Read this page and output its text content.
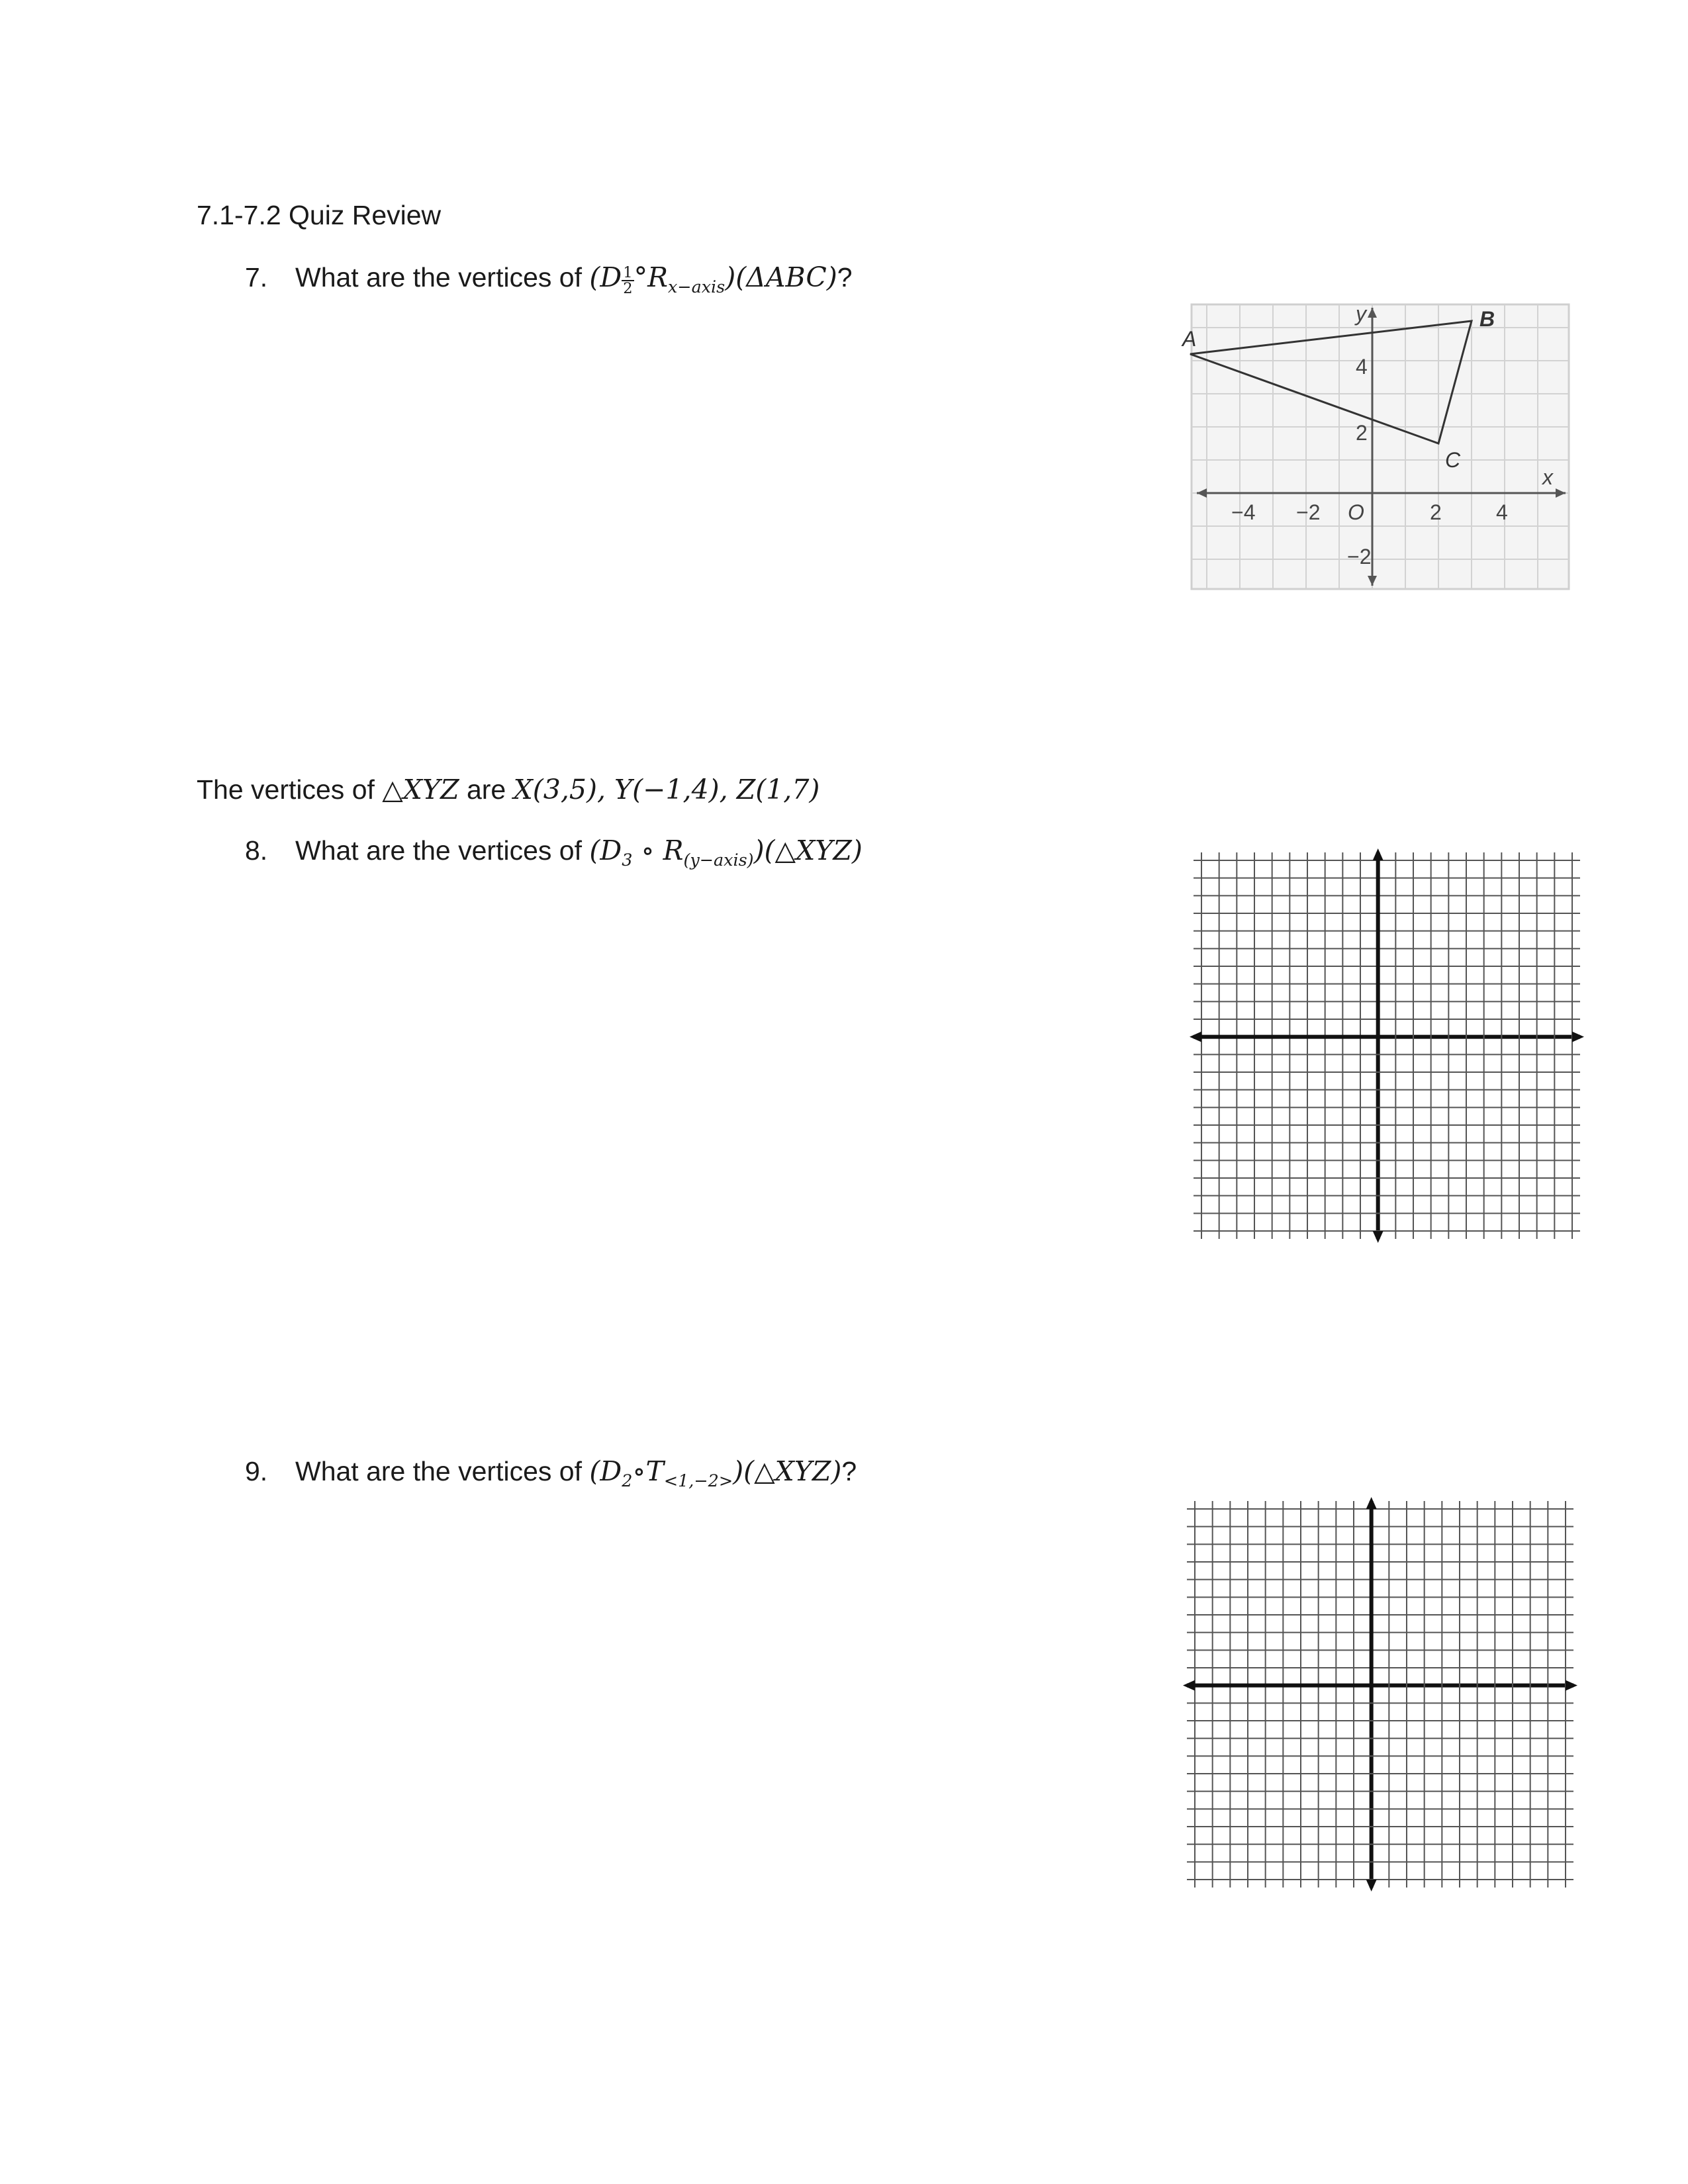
7.1-7.2 Quiz Review
7. What are the vertices of $(D \frac{1}{2} ^\circ R_{x-axis})(\Delta ABC)$?
A
B
C
−4 −2 O	2	4
4
2
−2
y
x
The vertices of △XYZ are X(3,5), Y(−1,4), Z(1,7)
8. What are the vertices of ($D_3$ ∘ $R_{(y-axis)})(\triangle XYZ)$
9. What are the vertices of $(D_2\circ T_{<1,-2>})(\triangle XYZ)$?
